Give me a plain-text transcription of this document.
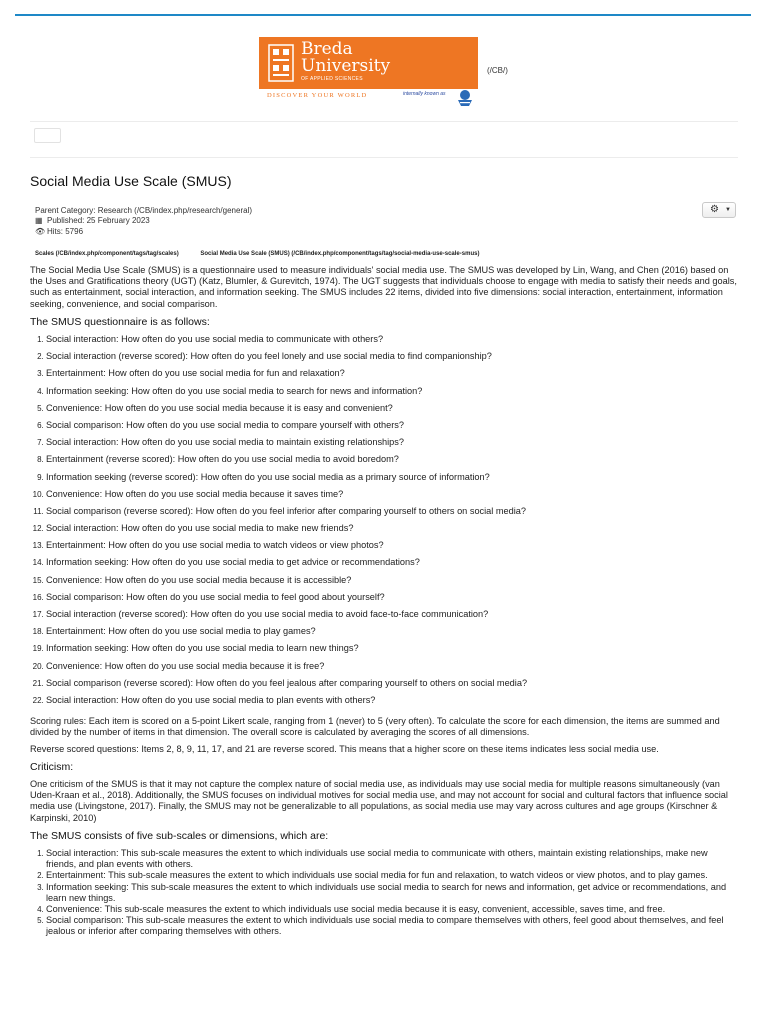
Breda
University
OF APPLIED SCIENCES
DISCOVER YOUR WORLD	internally known as
(/CB/)
Social Media Use Scale (SMUS)
⚙ ▼
Parent Category: Research (/CB/index.php/research/general)
▦ Published: 25 February 2023
👁 Hits: 5796
Scales (/CB/index.php/component/tags/tag/scales)	Social Media Use Scale (SMUS) (/CB/index.php/component/tags/tag/social-media-use-scale-smus)

The Social Media Use Scale (SMUS) is a questionnaire used to measure individuals' social media use. The SMUS was developed by Lin, Wang, and Chen (2016) based on the Uses and Gratifications theory (UGT) (Katz, Blumler, & Gurevitch, 1974). The UGT suggests that individuals choose to engage with media to satisfy their needs and goals, such as entertainment, social interaction, and information seeking. The SMUS includes 22 items, divided into five dimensions: social interaction, entertainment, information seeking, convenience, and social comparison.

The SMUS questionnaire is as follows:
1. Social interaction: How often do you use social media to communicate with others?
2. Social interaction (reverse scored): How often do you feel lonely and use social media to find companionship?
3. Entertainment: How often do you use social media for fun and relaxation?
4. Information seeking: How often do you use social media to search for news and information?
5. Convenience: How often do you use social media because it is easy and convenient?
6. Social comparison: How often do you use social media to compare yourself with others?
7. Social interaction: How often do you use social media to maintain existing relationships?
8. Entertainment (reverse scored): How often do you use social media to avoid boredom?
9. Information seeking (reverse scored): How often do you use social media as a primary source of information?
10. Convenience: How often do you use social media because it saves time?
11. Social comparison (reverse scored): How often do you feel inferior after comparing yourself to others on social media?
12. Social interaction: How often do you use social media to make new friends?
13. Entertainment: How often do you use social media to watch videos or view photos?
14. Information seeking: How often do you use social media to get advice or recommendations?
15. Convenience: How often do you use social media because it is accessible?
16. Social comparison: How often do you use social media to feel good about yourself?
17. Social interaction (reverse scored): How often do you use social media to avoid face-to-face communication?
18. Entertainment: How often do you use social media to play games?
19. Information seeking: How often do you use social media to learn new things?
20. Convenience: How often do you use social media because it is free?
21. Social comparison (reverse scored): How often do you feel jealous after comparing yourself to others on social media?
22. Social interaction: How often do you use social media to plan events with others?

Scoring rules: Each item is scored on a 5-point Likert scale, ranging from 1 (never) to 5 (very often). To calculate the score for each dimension, the items are summed and divided by the number of items in that dimension. The overall score is calculated by averaging the scores of all dimensions.

Reverse scored questions: Items 2, 8, 9, 11, 17, and 21 are reverse scored. This means that a higher score on these items indicates less social media use.

Criticism:

One criticism of the SMUS is that it may not capture the complex nature of social media use, as individuals may use social media for multiple reasons simultaneously (van Uden-Kraan et al., 2018). Additionally, the SMUS focuses on individual motives for social media use, and may not account for social and cultural factors that influence social media use (Livingstone, 2017). Finally, the SMUS may not be generalizable to all populations, as social media use may vary across cultures and age groups (Kirschner & Karpinski, 2010)

The SMUS consists of five sub-scales or dimensions, which are:
1. Social interaction: This sub-scale measures the extent to which individuals use social media to communicate with others, maintain existing relationships, make new friends, and plan events with others.
2. Entertainment: This sub-scale measures the extent to which individuals use social media for fun and relaxation, to watch videos or view photos, and to play games.
3. Information seeking: This sub-scale measures the extent to which individuals use social media to search for news and information, get advice or recommendations, and learn new things.
4. Convenience: This sub-scale measures the extent to which individuals use social media because it is easy, convenient, accessible, saves time, and free.
5. Social comparison: This sub-scale measures the extent to which individuals use social media to compare themselves with others, feel good about themselves, and feel jealous or inferior after comparing themselves with others.
